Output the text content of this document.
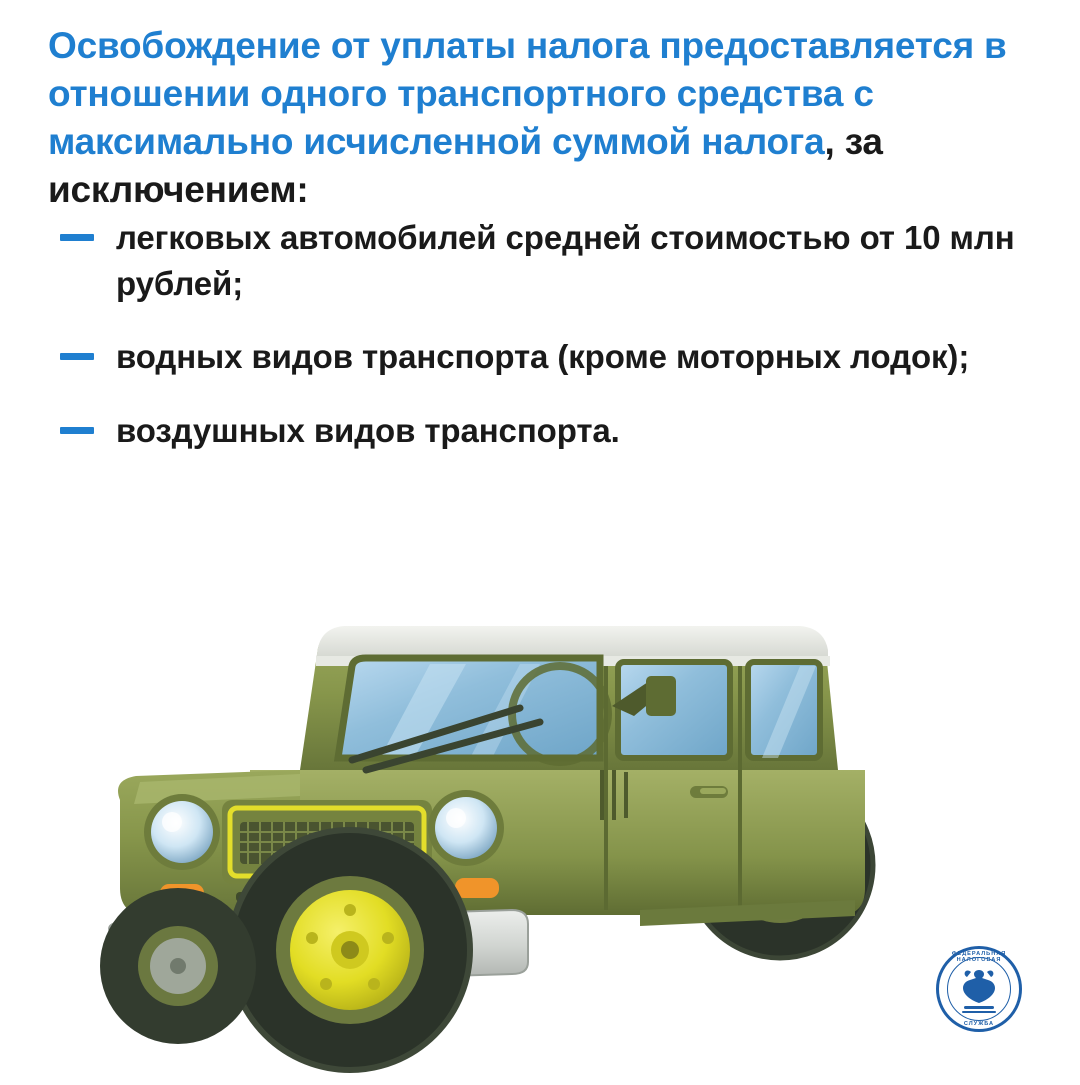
Освобождение от уплаты налога предоставляется в отношении одного транспортного средства с максимально исчисленной суммой налога, за исключением:
легковых автомобилей средней стоимостью от 10 млн рублей;
водных видов транспорта (кроме моторных лодок);
воздушных видов транспорта.
ФЕДЕРАЛЬНАЯ НАЛОГОВАЯ
СЛУЖБА
